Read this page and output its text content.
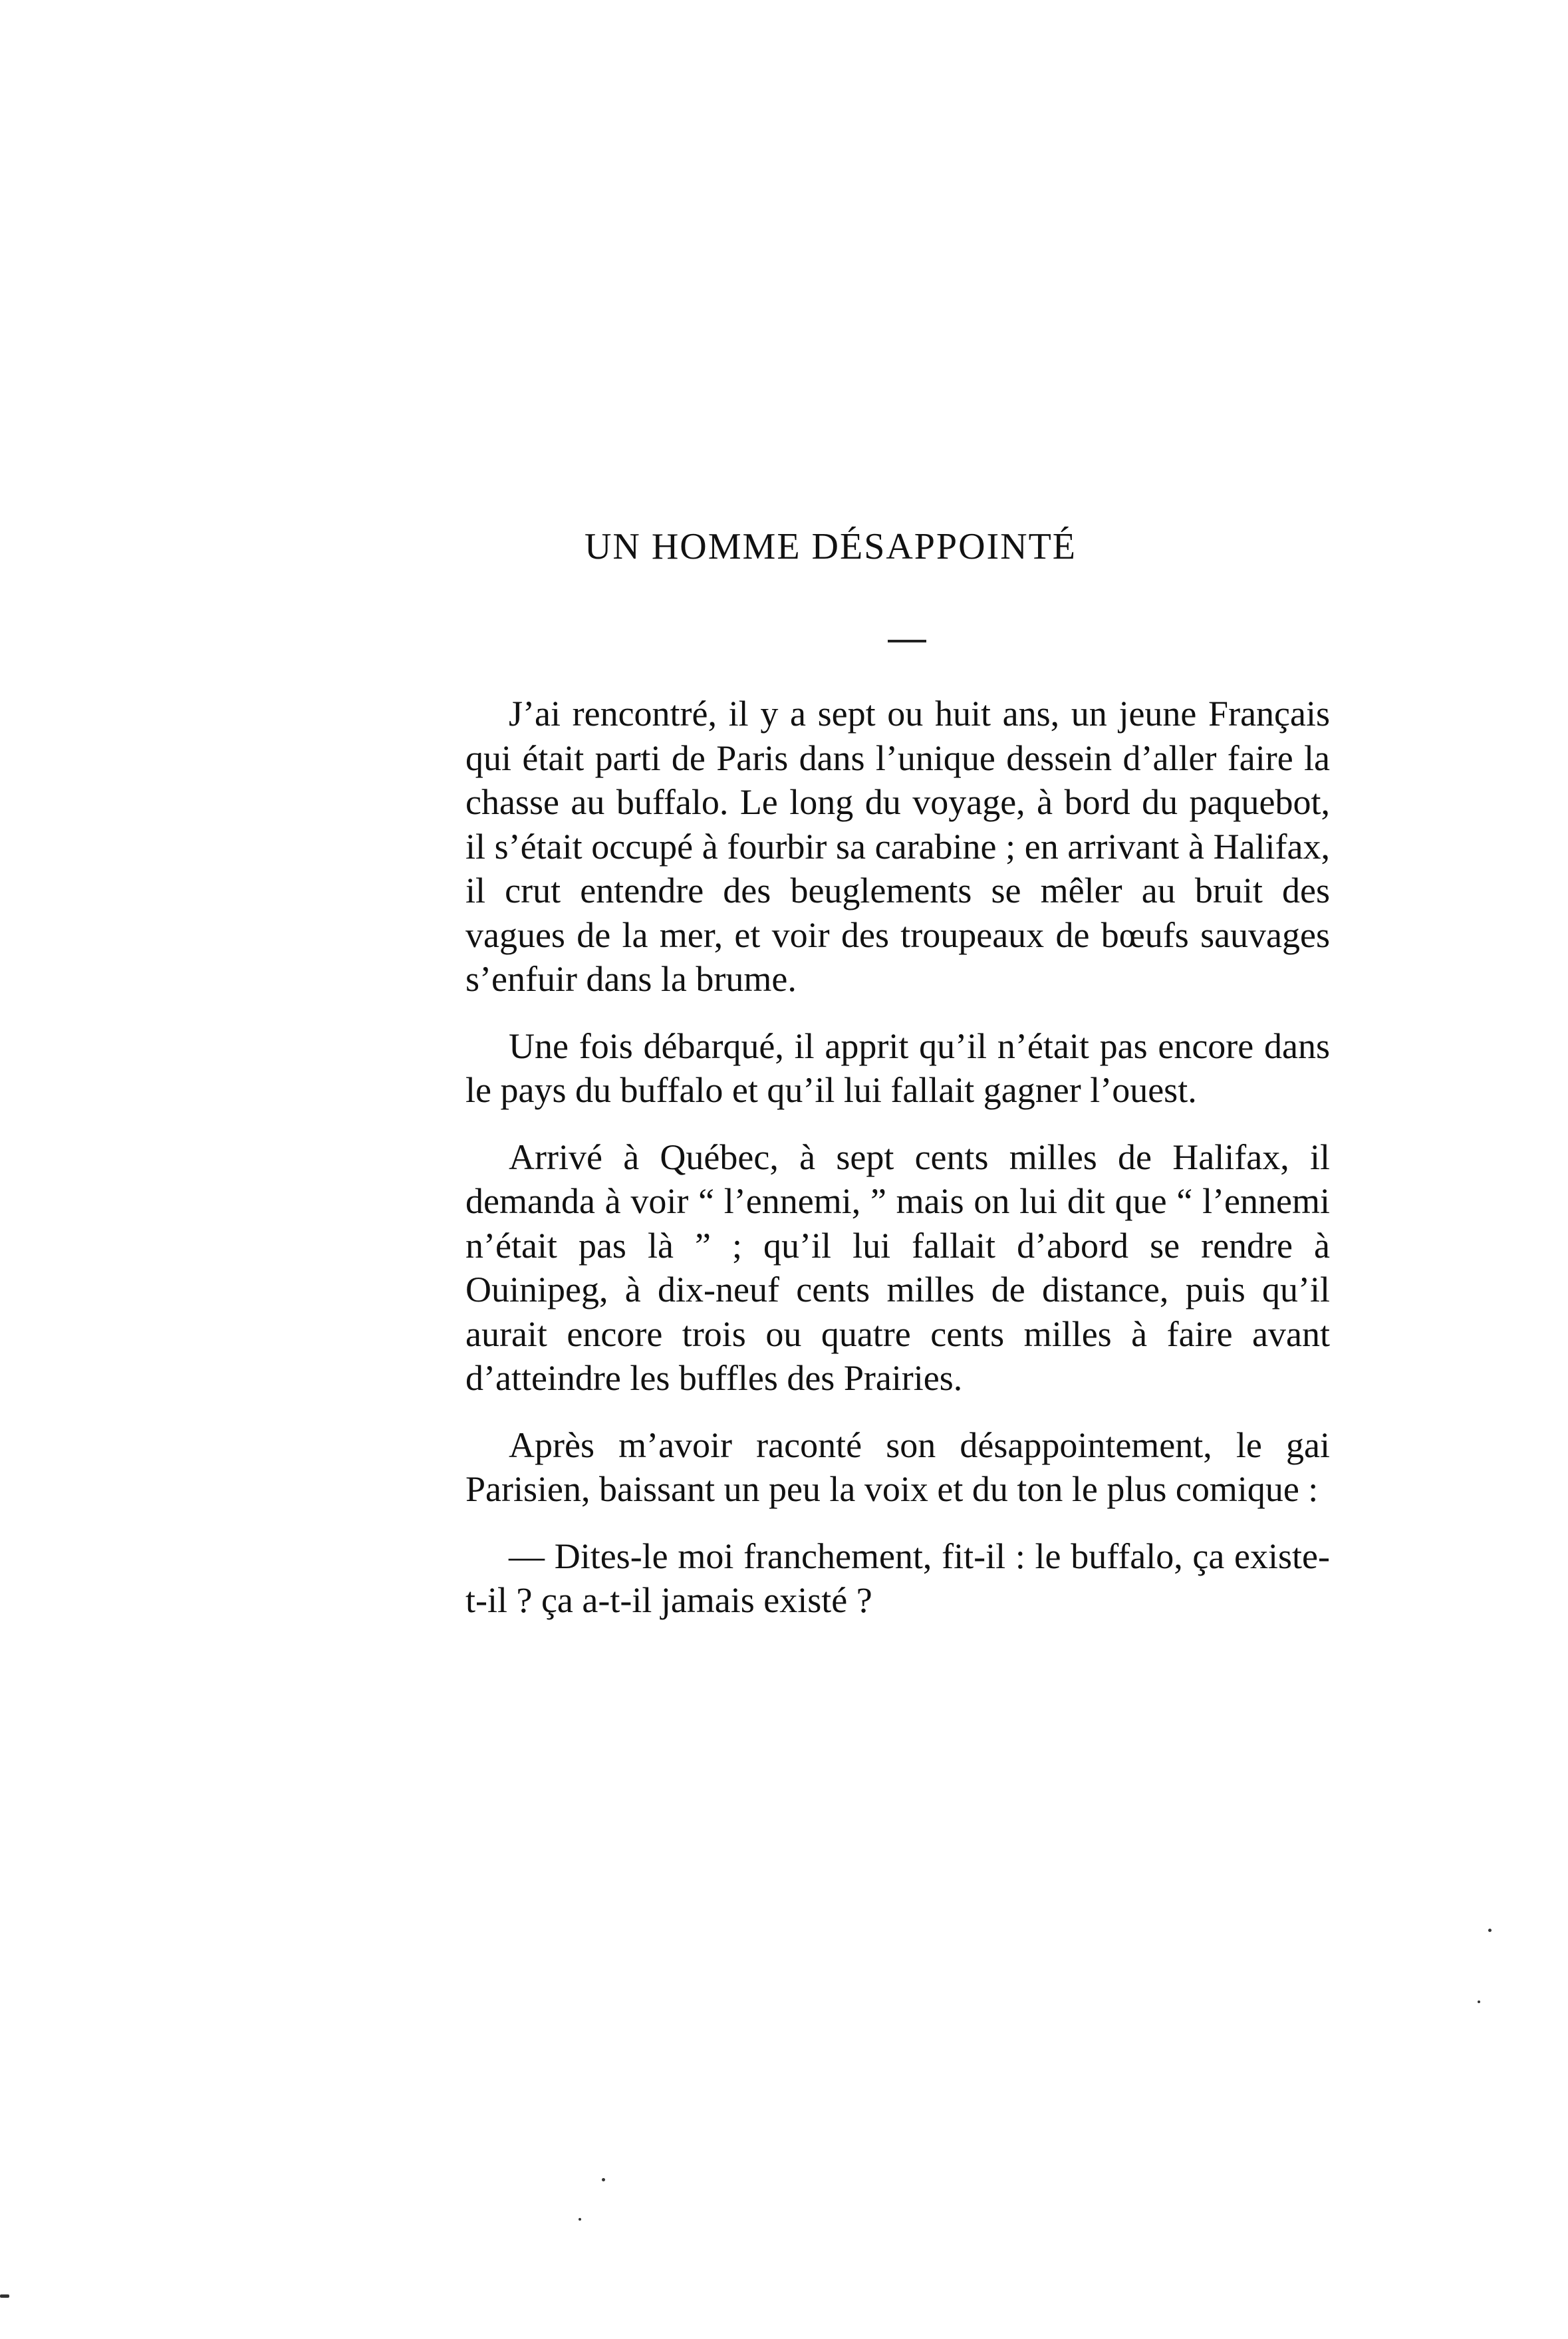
UN HOMME DÉSAPPOINTÉ

J’ai rencontré, il y a sept ou huit ans, un jeune Français qui était parti de Paris dans l’unique dessein d’aller faire la chasse au buffalo. Le long du voyage, à bord du paquebot, il s’était occupé à fourbir sa carabine ; en arrivant à Halifax, il crut entendre des beuglements se mêler au bruit des vagues de la mer, et voir des troupeaux de bœufs sauvages s’enfuir dans la brume.

Une fois débarqué, il apprit qu’il n’était pas encore dans le pays du buffalo et qu’il lui fallait gagner l’ouest.

Arrivé à Québec, à sept cents milles de Halifax, il demanda à voir “ l’ennemi, ” mais on lui dit que “ l’ennemi n’était pas là ” ; qu’il lui fallait d’abord se rendre à Ouinipeg, à dix-neuf cents milles de distance, puis qu’il aurait encore trois ou quatre cents milles à faire avant d’atteindre les buffles des Prairies.

Après m’avoir raconté son désappointement, le gai Parisien, baissant un peu la voix et du ton le plus comique :

— Dites-le moi franchement, fit-il : le buffalo, ça existe-t-il ? ça a-t-il jamais existé ?
